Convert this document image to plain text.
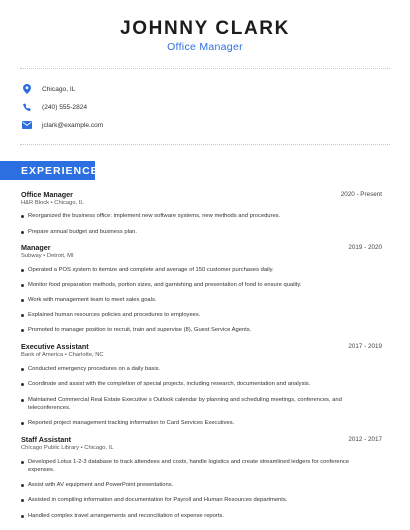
JOHNNY CLARK
Office Manager
Chicago, IL
(240) 555-2824
jclark@example.com
EXPERIENCE
Office Manager	2020 - Present
H&R Block • Chicago, IL
Reorganized the business office: implement new software systems, new methods and procedures.
Prepare annual budget and business plan.
Manager	2019 - 2020
Subway • Detroit, MI
Operated a POS system to itemize and complete and average of 150 customer purchases daily.
Monitor food preparation methods, portion sizes, and garnishing and presentation of food to ensure quality.
Work with management team to meet sales goals.
Explained human resources policies and procedures to employees.
Promoted to manager position to recruit, train and supervise (8), Guest Service Agents.
Executive Assistant	2017 - 2019
Bank of America • Charlotte, NC
Conducted emergency procedures on a daily basis.
Coordinate and assist with the completion of special projects, including research, documentation and analysis.
Maintained Commercial Real Estate Executive s Outlook calendar by planning and scheduling meetings, conferences, and teleconferences.
Reported project management tracking information to Card Services Executives.
Staff Assistant	2012 - 2017
Chicago Public Library • Chicago, IL
Developed Lotus 1-2-3 database to track attendees and costs, handle logistics and create streamlined ledgers for conference expenses.
Assist with AV equipment and PowerPoint presentations.
Assisted in compiling information and documentation for Payroll and Human Resources departments.
Handled complex travel arrangements and reconciliation of expense reports.
